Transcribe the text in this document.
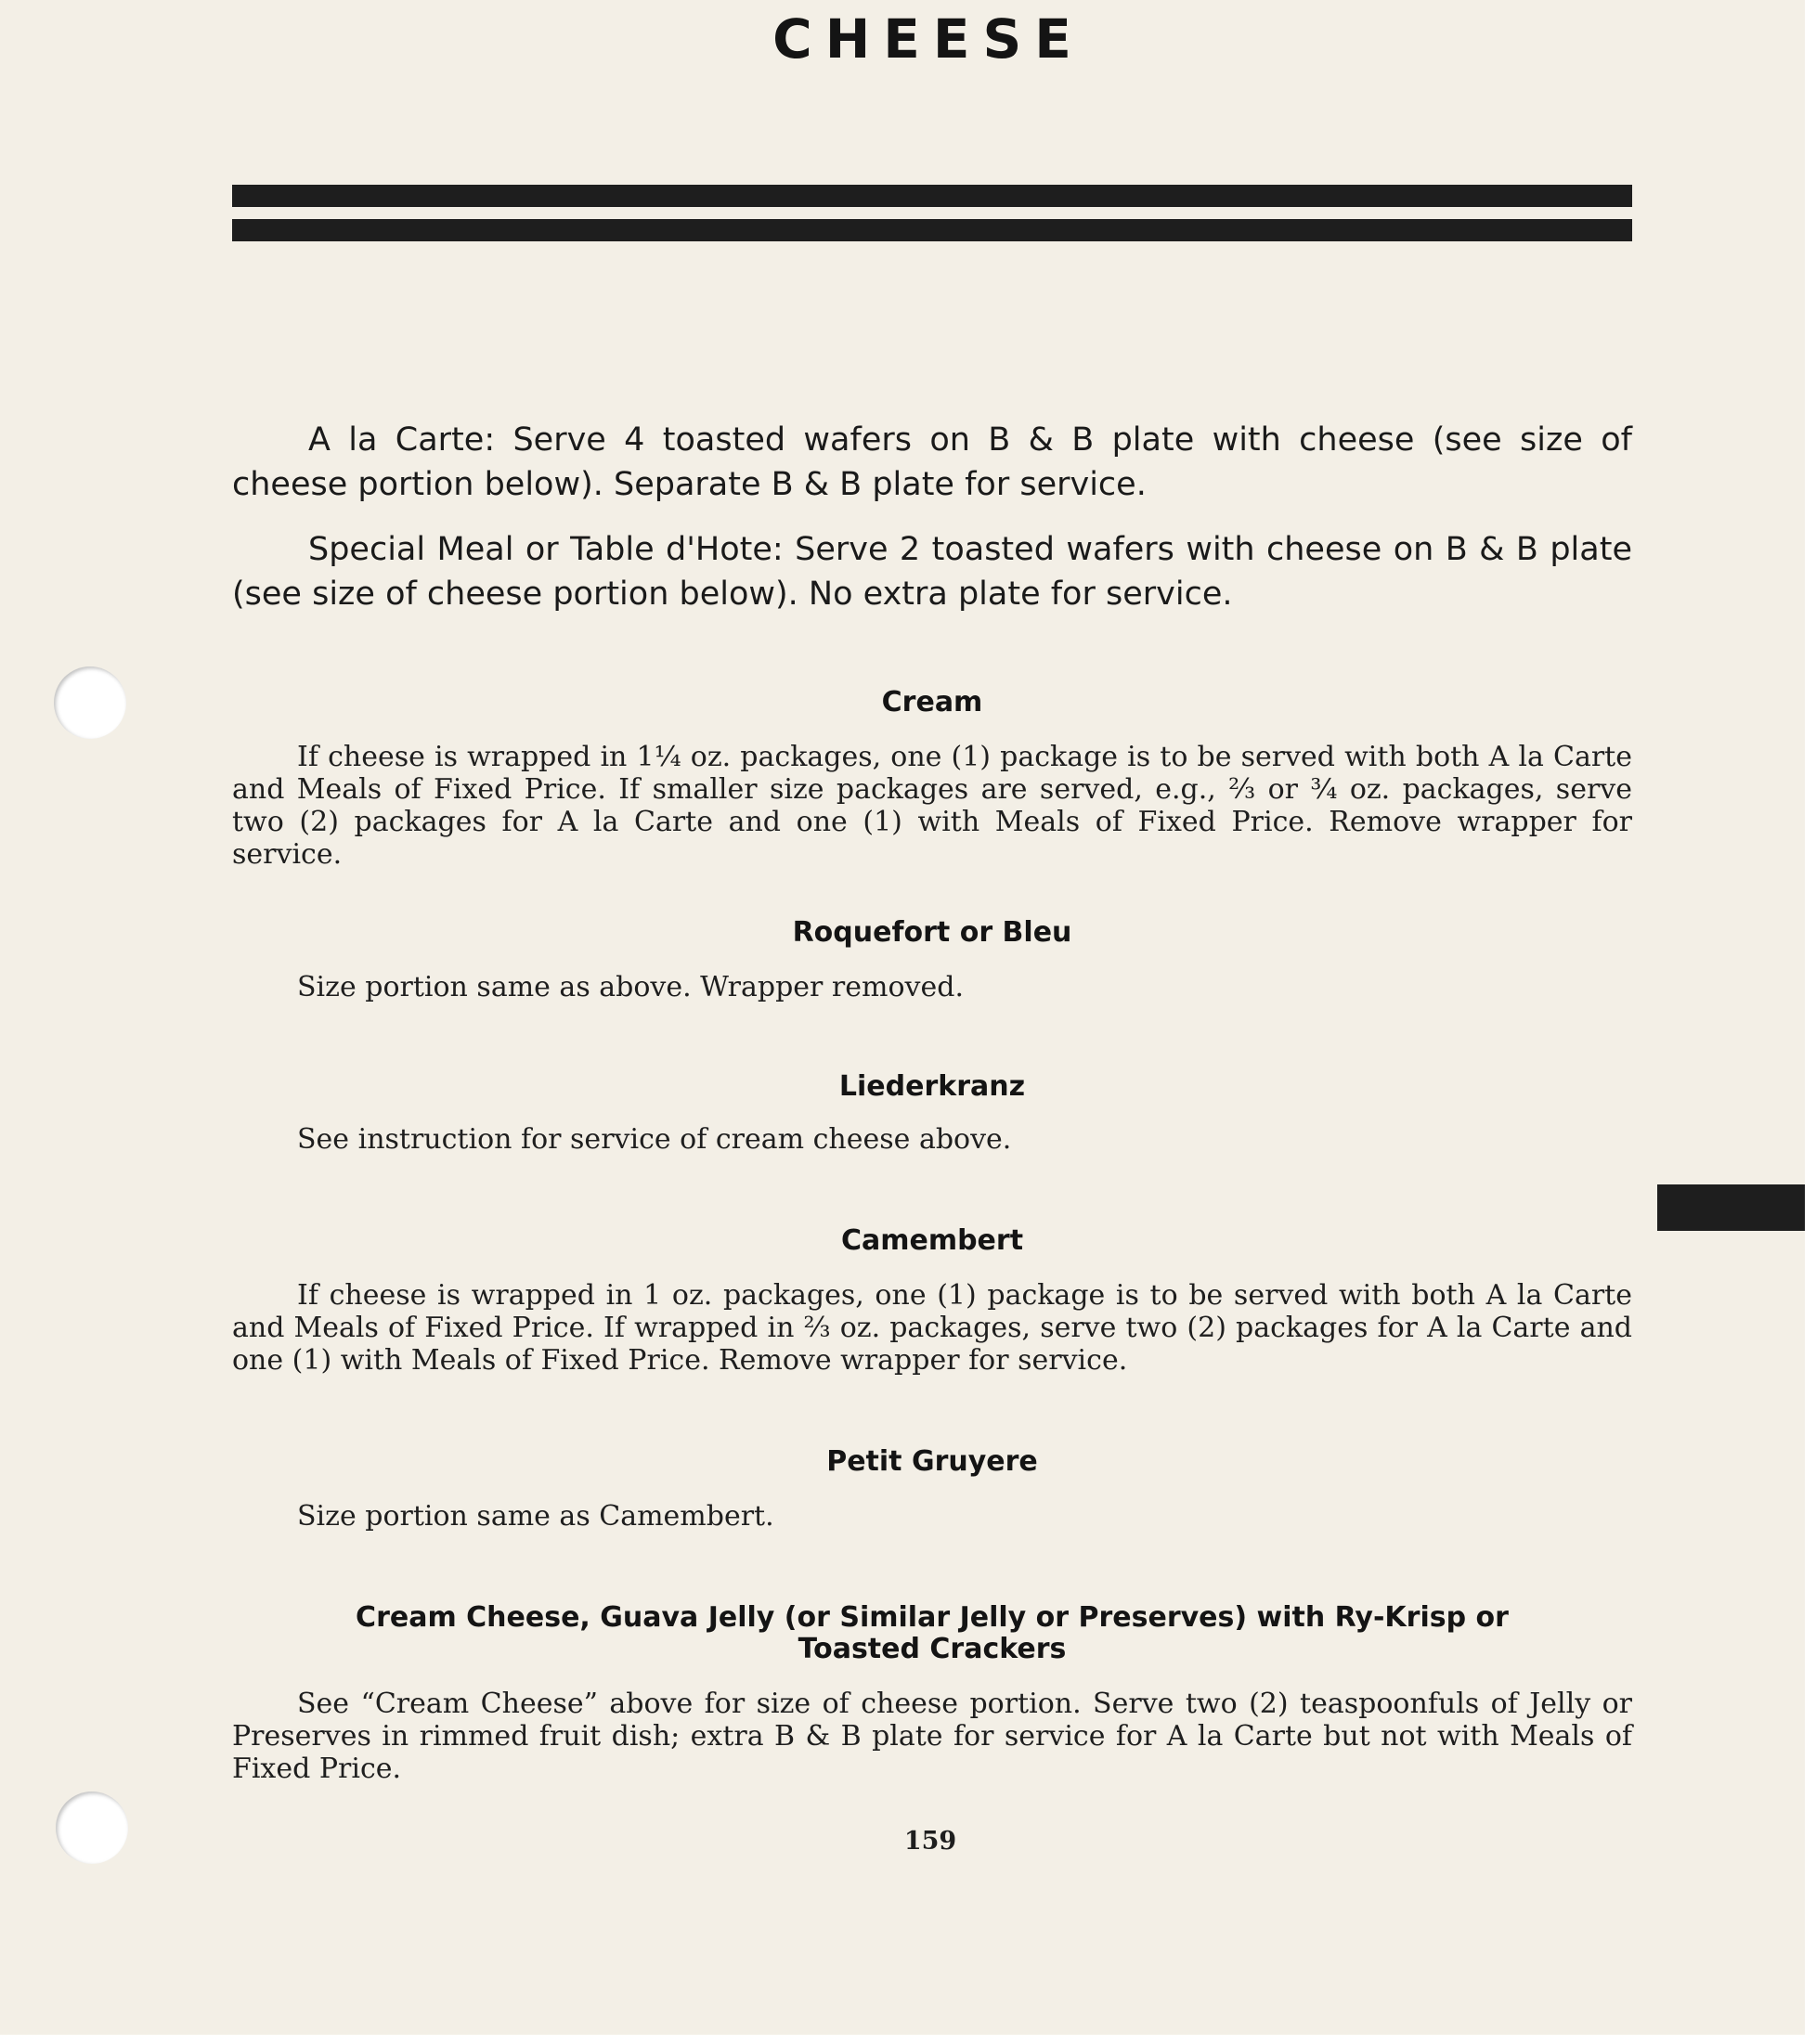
CHEESE

A la Carte: Serve 4 toasted wafers on B & B plate with cheese (see size of cheese portion below). Separate B & B plate for service.

Special Meal or Table d'Hote: Serve 2 toasted wafers with cheese on B & B plate (see size of cheese portion below). No extra plate for service.

Cream

If cheese is wrapped in 1¼ oz. packages, one (1) package is to be served with both A la Carte and Meals of Fixed Price. If smaller size packages are served, e.g., ⅔ or ¾ oz. packages, serve two (2) packages for A la Carte and one (1) with Meals of Fixed Price. Remove wrapper for service.

Roquefort or Bleu

Size portion same as above. Wrapper removed.

Liederkranz

See instruction for service of cream cheese above.

Camembert

If cheese is wrapped in 1 oz. packages, one (1) package is to be served with both A la Carte and Meals of Fixed Price. If wrapped in ⅔ oz. packages, serve two (2) packages for A la Carte and one (1) with Meals of Fixed Price. Remove wrapper for service.

Petit Gruyere

Size portion same as Camembert.

Cream Cheese, Guava Jelly (or Similar Jelly or Preserves) with Ry-Krisp or Toasted Crackers

See “Cream Cheese” above for size of cheese portion. Serve two (2) teaspoonfuls of Jelly or Preserves in rimmed fruit dish; extra B & B plate for service for A la Carte but not with Meals of Fixed Price.

159
